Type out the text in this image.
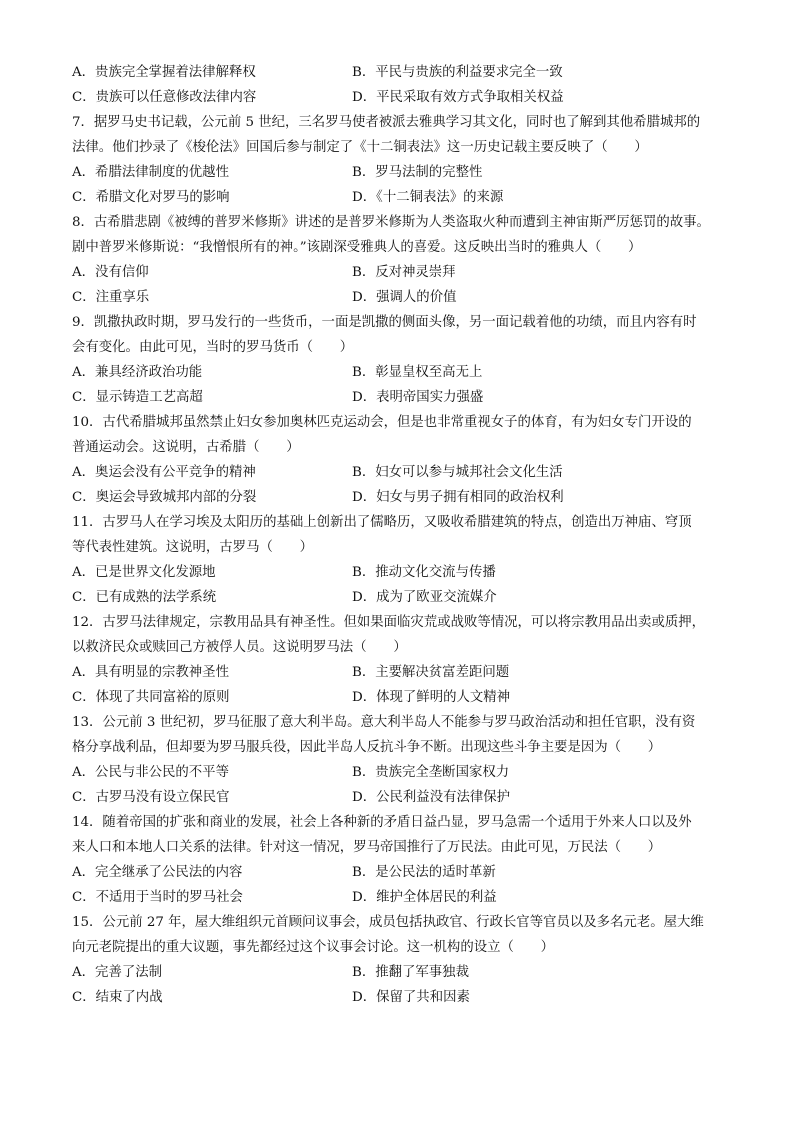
A．贵族完全掌握着法律解释权	B．平民与贵族的利益要求完全一致
C．贵族可以任意修改法律内容	D．平民采取有效方式争取相关权益
7．据罗马史书记载，公元前 5 世纪，三名罗马使者被派去雅典学习其文化，同时也了解到其他希腊城邦的
法律。他们抄录了《梭伦法》回国后参与制定了《十二铜表法》这一历史记载主要反映了（　　）
A．希腊法律制度的优越性	B．罗马法制的完整性
C．希腊文化对罗马的影响	D．《十二铜表法》的来源
8．古希腊悲剧《被缚的普罗米修斯》讲述的是普罗米修斯为人类盗取火种而遭到主神宙斯严厉惩罚的故事。
剧中普罗米修斯说：“我憎恨所有的神。”该剧深受雅典人的喜爱。这反映出当时的雅典人（　　）
A．没有信仰	B．反对神灵崇拜
C．注重享乐	D．强调人的价值
9．凯撒执政时期，罗马发行的一些货币，一面是凯撒的侧面头像，另一面记载着他的功绩，而且内容有时
会有变化。由此可见，当时的罗马货币（　　）
A．兼具经济政治功能	B．彰显皇权至高无上
C．显示铸造工艺高超	D．表明帝国实力强盛
10．古代希腊城邦虽然禁止妇女参加奥林匹克运动会，但是也非常重视女子的体育，有为妇女专门开设的
普通运动会。这说明，古希腊（　　）
A．奥运会没有公平竞争的精神	B．妇女可以参与城邦社会文化生活
C．奥运会导致城邦内部的分裂	D．妇女与男子拥有相同的政治权利
11．古罗马人在学习埃及太阳历的基础上创新出了儒略历，又吸收希腊建筑的特点，创造出万神庙、穹顶
等代表性建筑。这说明，古罗马（　　）
A．已是世界文化发源地	B．推动文化交流与传播
C．已有成熟的法学系统	D．成为了欧亚交流媒介
12．古罗马法律规定，宗教用品具有神圣性。但如果面临灾荒或战败等情况，可以将宗教用品出卖或质押，
以救济民众或赎回己方被俘人员。这说明罗马法（　　）
A．具有明显的宗教神圣性	B．主要解决贫富差距问题
C．体现了共同富裕的原则	D．体现了鲜明的人文精神
13．公元前 3 世纪初，罗马征服了意大利半岛。意大利半岛人不能参与罗马政治活动和担任官职，没有资
格分享战利品，但却要为罗马服兵役，因此半岛人反抗斗争不断。出现这些斗争主要是因为（　　）
A．公民与非公民的不平等	B．贵族完全垄断国家权力
C．古罗马没有设立保民官	D．公民利益没有法律保护
14．随着帝国的扩张和商业的发展，社会上各种新的矛盾日益凸显，罗马急需一个适用于外来人口以及外
来人口和本地人口关系的法律。针对这一情况，罗马帝国推行了万民法。由此可见，万民法（　　）
A．完全继承了公民法的内容	B．是公民法的适时革新
C．不适用于当时的罗马社会	D．维护全体居民的利益
15．公元前 27 年，屋大维组织元首顾问议事会，成员包括执政官、行政长官等官员以及多名元老。屋大维
向元老院提出的重大议题，事先都经过这个议事会讨论。这一机构的设立（　　）
A．完善了法制	B．推翻了军事独裁
C．结束了内战	D．保留了共和因素
